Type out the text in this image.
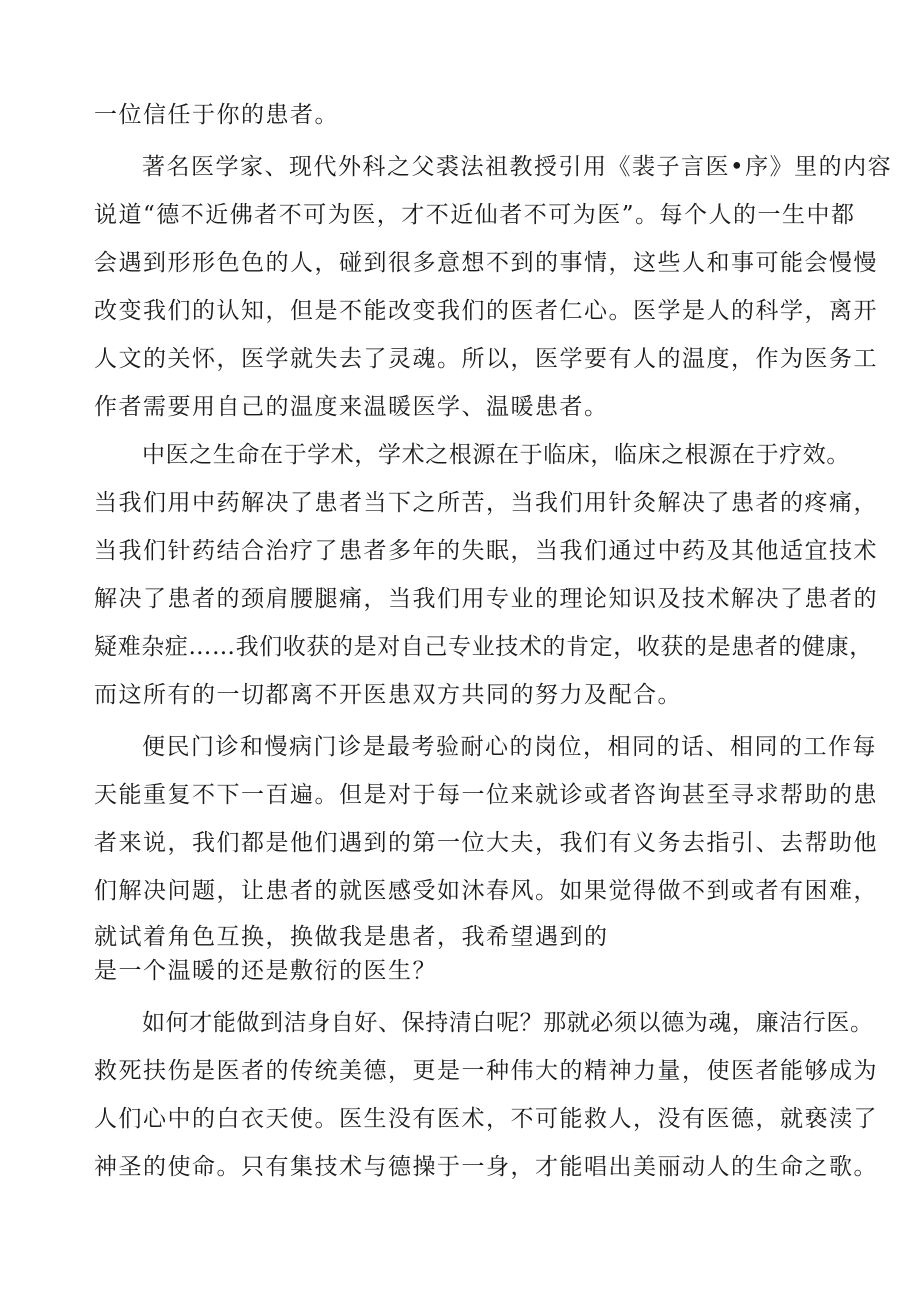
一位信任于你的患者。
著名医学家、现代外科之父裘法祖教授引用《裴子言医•序》里的内容
说道“德不近佛者不可为医，才不近仙者不可为医”。每个人的一生中都
会遇到形形色色的人，碰到很多意想不到的事情，这些人和事可能会慢慢
改变我们的认知，但是不能改变我们的医者仁心。医学是人的科学，离开
人文的关怀，医学就失去了灵魂。所以，医学要有人的温度，作为医务工
作者需要用自己的温度来温暖医学、温暖患者。
中医之生命在于学术，学术之根源在于临床，临床之根源在于疗效。
当我们用中药解决了患者当下之所苦，当我们用针灸解决了患者的疼痛，
当我们针药结合治疗了患者多年的失眠，当我们通过中药及其他适宜技术
解决了患者的颈肩腰腿痛，当我们用专业的理论知识及技术解决了患者的
疑难杂症……我们收获的是对自己专业技术的肯定，收获的是患者的健康，
而这所有的一切都离不开医患双方共同的努力及配合。
便民门诊和慢病门诊是最考验耐心的岗位，相同的话、相同的工作每
天能重复不下一百遍。但是对于每一位来就诊或者咨询甚至寻求帮助的患
者来说，我们都是他们遇到的第一位大夫，我们有义务去指引、去帮助他
们解决问题，让患者的就医感受如沐春风。如果觉得做不到或者有困难，
就试着角色互换，换做我是患者，我希望遇到的
是一个温暖的还是敷衍的医生？
如何才能做到洁身自好、保持清白呢？那就必须以德为魂，廉洁行医。
救死扶伤是医者的传统美德，更是一种伟大的精神力量，使医者能够成为
人们心中的白衣天使。医生没有医术，不可能救人，没有医德，就亵渎了
神圣的使命。只有集技术与德操于一身，才能唱出美丽动人的生命之歌。
